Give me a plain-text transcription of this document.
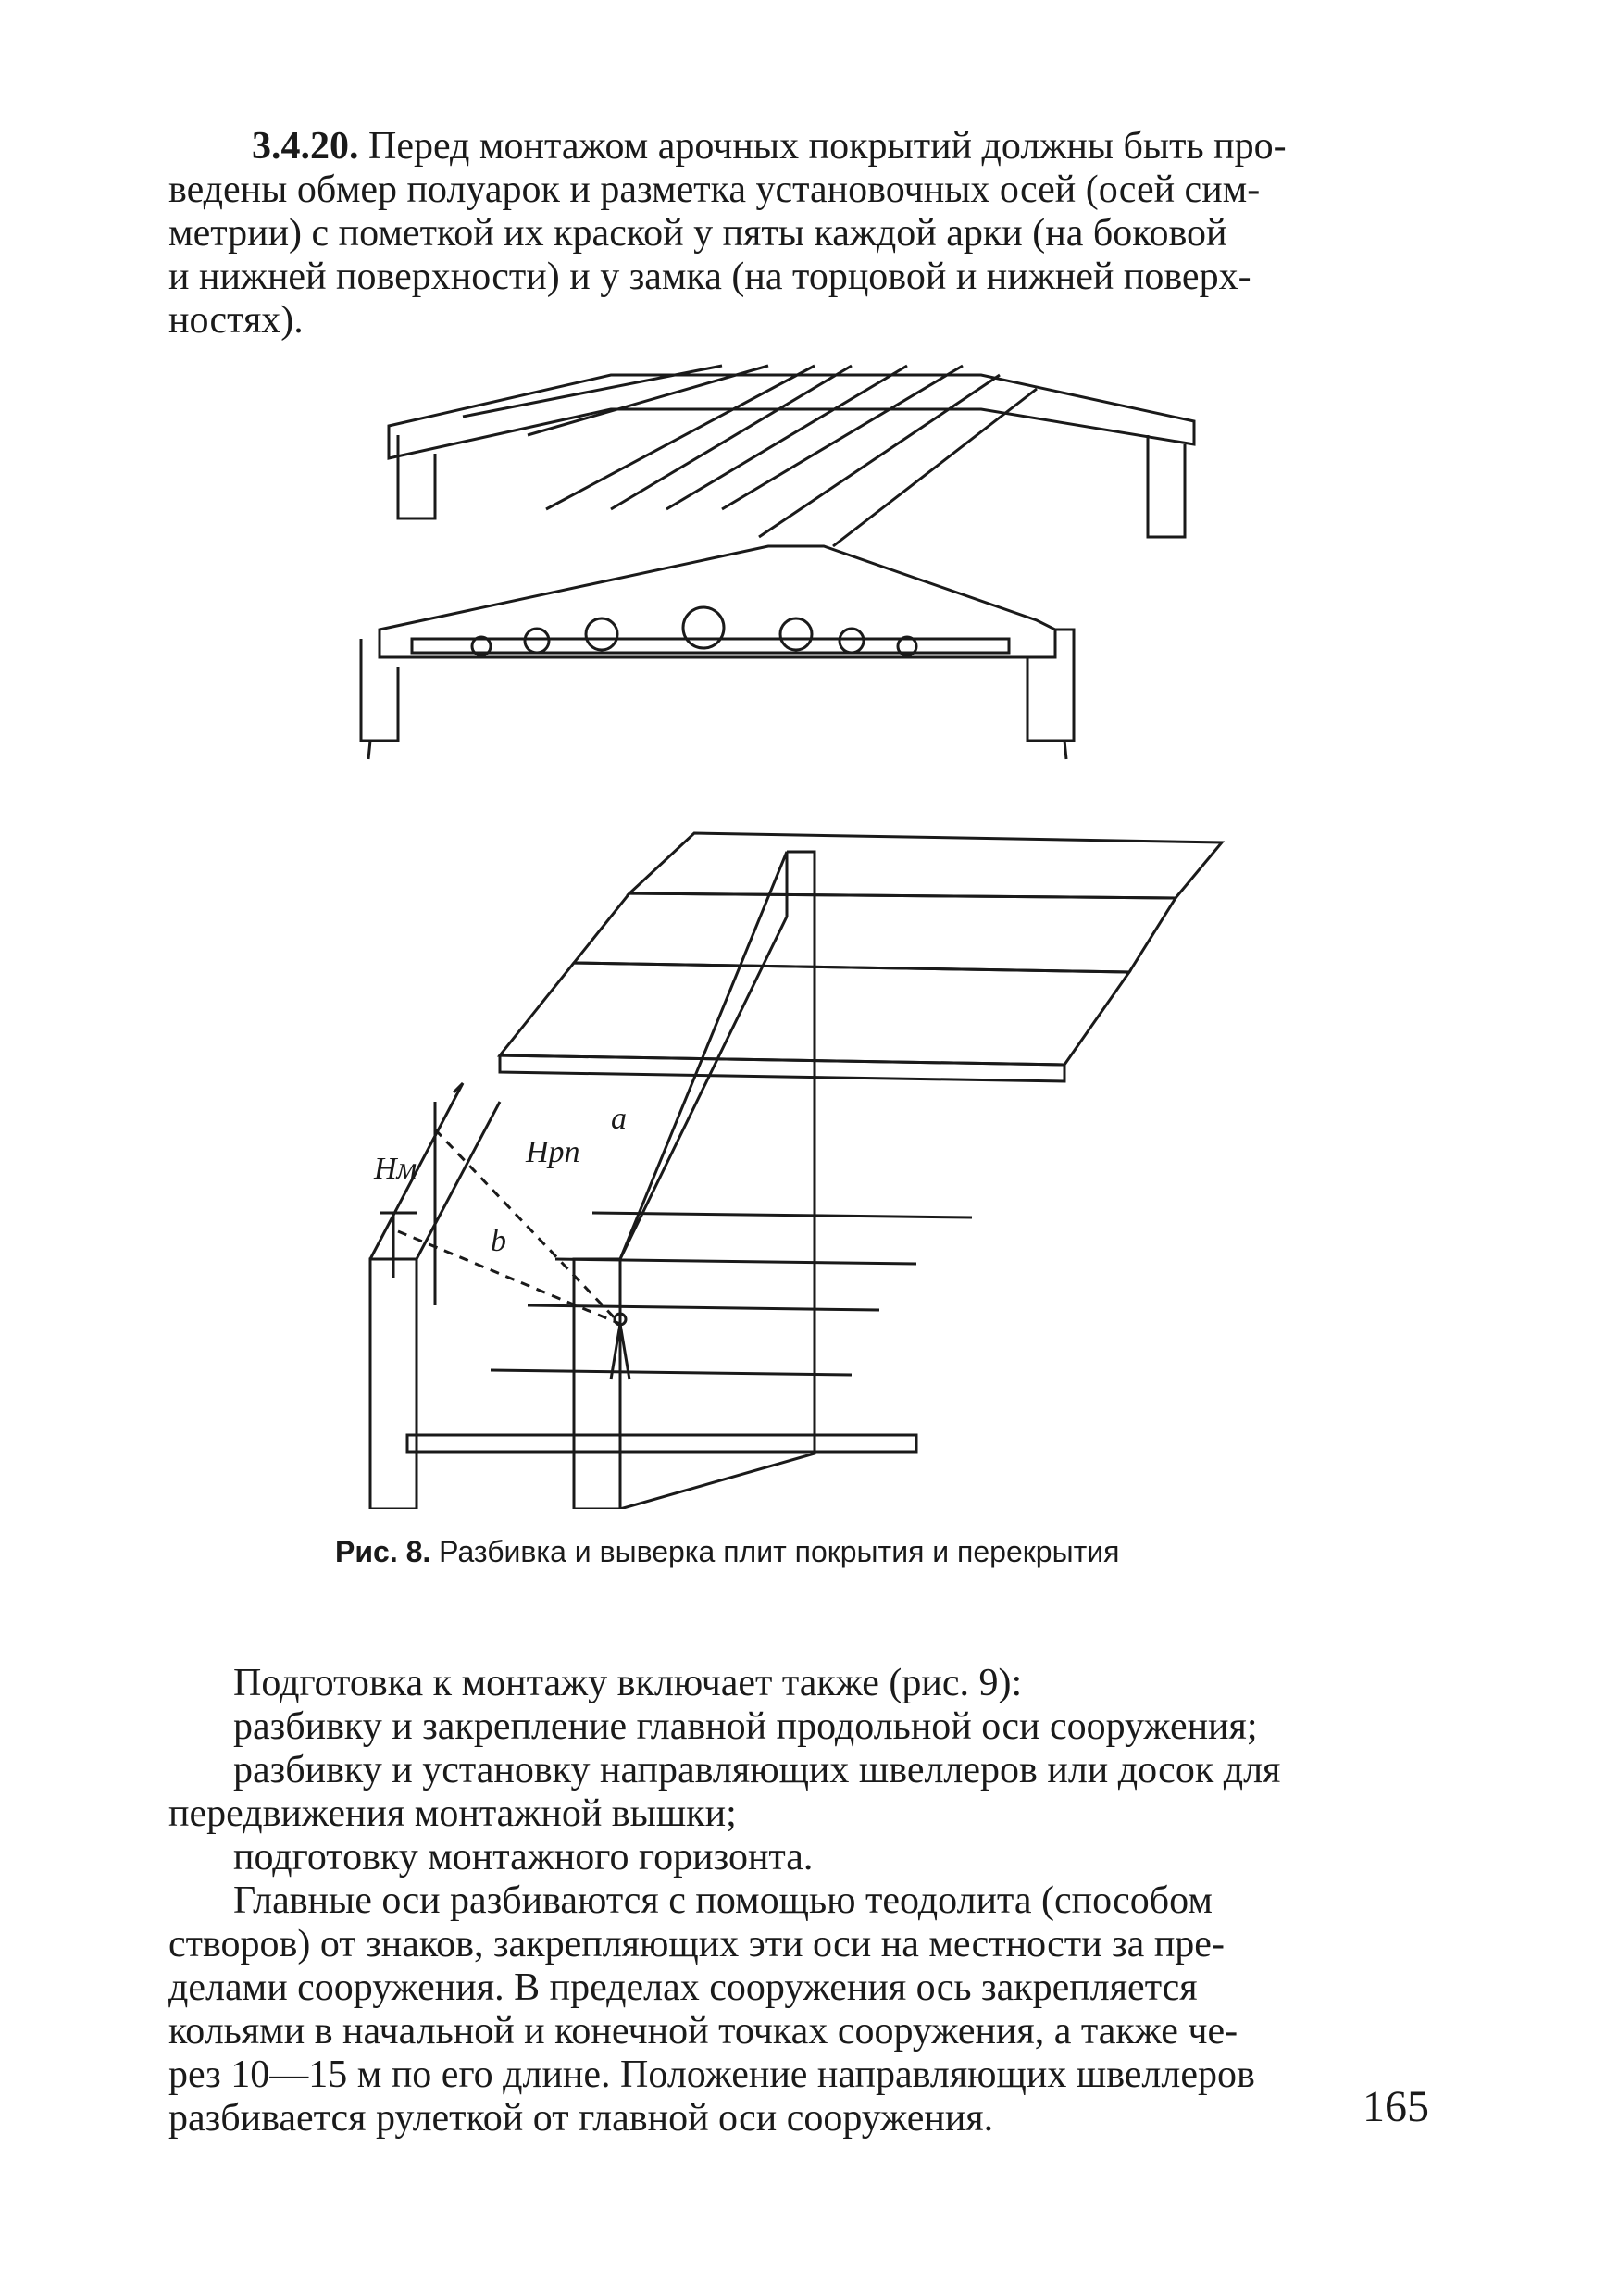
3.4.20. Перед монтажом арочных покрытий должны быть про-
ведены обмер полуарок и разметка установочных осей (осей сим-
метрии) с пометкой их краской у пяты каждой арки (на боковой
и нижней поверхности) и у замка (на торцовой и нижней поверх-
ностях).
Hм	Hрп
a
b
Рис. 8. Разбивка и выверка плит покрытия и перекрытия
Подготовка к монтажу включает также (рис. 9):
разбивку и закрепление главной продольной оси сооружения;
разбивку и установку направляющих швеллеров или досок для
передвижения монтажной вышки;
подготовку монтажного горизонта.
Главные оси разбиваются с помощью теодолита (способом
створов) от знаков, закрепляющих эти оси на местности за пре-
делами сооружения. В пределах сооружения ось закрепляется
кольями в начальной и конечной точках сооружения, а также че-
рез 10—15 м по его длине. Положение направляющих швеллеров
разбивается рулеткой от главной оси сооружения.	165
